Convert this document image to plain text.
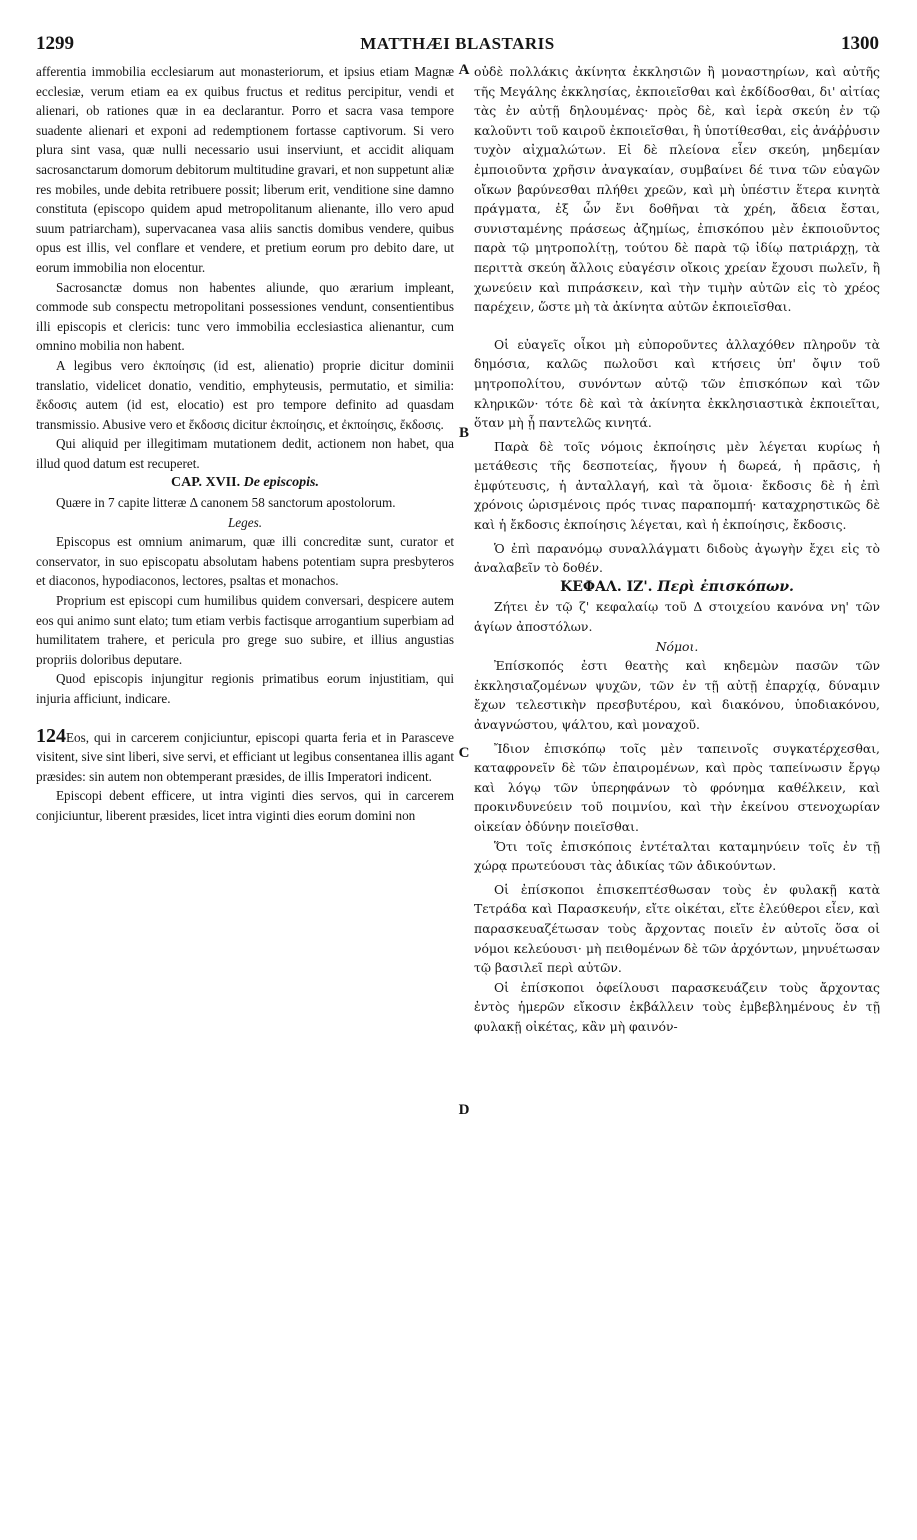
1299	MATTHÆI BLASTARIS	1300
A
B
C
D

afferentia immobilia ecclesiarum aut monasteriorum, et ipsius etiam Magnæ ecclesiæ, verum etiam ea ex quibus fructus et reditus percipitur, vendi et alienari, ob rationes quæ in ea declarantur. Porro et sacra vasa tempore suadente alienari et exponi ad redemptionem fortasse captivorum. Si vero plura sint vasa, quæ nulli necessario usui inserviunt, et accidit aliquam sacrosanctarum domorum debitorum multitudine gravari, et non suppetunt aliæ res mobiles, unde debita retribuere possit; liberum erit, venditione sine damno constituta (episcopo quidem apud metropolitanum alienante, illo vero apud suum patriarcham), supervacanea vasa aliis sanctis domibus vendere, quibus opus est illis, vel conflare et vendere, et pretium eorum pro debito dare, ut eorum immobilia non elocentur.

Sacrosanctæ domus non habentes aliunde, quo ærarium impleant, commode sub conspectu metropolitani possessiones vendunt, consentientibus illi episcopis et clericis: tunc vero immobilia ecclesiastica alienantur, cum omnino mobilia non habent.

A legibus vero ἐκποίησις (id est, alienatio) proprie dicitur dominii translatio, videlicet donatio, venditio, emphyteusis, permutatio, et similia: ἔκδοσις autem (id est, elocatio) est pro tempore definito ad quasdam transmissio. Abusive vero et ἔκδοσις dicitur ἐκποίησις, et ἐκποίησις, ἔκδοσις.

Qui aliquid per illegitimam mutationem dedit, actionem non habet, qua illud quod datum est recuperet.

CAP. XVII. De episcopis.

Quære in 7 capite litteræ Δ canonem 58 sanctorum apostolorum.

Leges.

Episcopus est omnium animarum, quæ illi concreditæ sunt, curator et conservator, in suo episcopatu absolutam habens potentiam supra presbyteros et diaconos, hypodiaconos, lectores, psaltas et monachos.

Proprium est episcopi cum humilibus quidem conversari, despicere autem eos qui animo sunt elato; tum etiam verbis factisque arrogantium superbiam ad humilitatem trahere, et pericula pro grege suo subire, et illius angustias propriis doloribus deputare.

Quod episcopis injungitur regionis primatibus eorum injustitiam, qui injuria afficiunt, indicare.

124Eos, qui in carcerem conjiciuntur, episcopi quarta feria et in Parasceve visitent, sive sint liberi, sive servi, et efficiant ut legibus consentanea illis agant præsides: sin autem non obtemperant præsides, de illis Imperatori indicent.

Episcopi debent efficere, ut intra viginti dies servos, qui in carcerem conjiciuntur, liberent præsides, licet intra viginti dies eorum domini non

οὐδὲ πολλάκις ἀκίνητα ἐκκλησιῶν ἢ μοναστηρίων, καὶ αὐτῆς τῆς Μεγάλης ἐκκλησίας, ἐκποιεῖσθαι καὶ ἐκδίδοσθαι, δι' αἰτίας τὰς ἐν αὐτῇ δηλουμένας· πρὸς δὲ, καὶ ἱερὰ σκεύη ἐν τῷ καλοῦντι τοῦ καιροῦ ἐκποιεῖσθαι, ἢ ὑποτίθεσθαι, εἰς ἀνάῤῥυσιν τυχὸν αἰχμαλώτων. Εἰ δὲ πλείονα εἶεν σκεύη, μηδεμίαν ἐμποιοῦντα χρῆσιν ἀναγκαίαν, συμβαίνει δέ τινα τῶν εὐαγῶν οἴκων βαρύνεσθαι πλήθει χρεῶν, καὶ μὴ ὑπέστιν ἕτερα κινητὰ πράγματα, ἐξ ὧν ἔνι δοθῆναι τὰ χρέη, ἄδεια ἔσται, συνισταμένης πράσεως ἀζημίως, ἐπισκόπου μὲν ἐκποιοῦντος παρὰ τῷ μητροπολίτῃ, τούτου δὲ παρὰ τῷ ἰδίῳ πατριάρχῃ, τὰ περιττὰ σκεύη ἄλλοις εὐαγέσιν οἴκοις χρείαν ἔχουσι πωλεῖν, ἢ χωνεύειν καὶ πιπράσκειν, καὶ τὴν τιμὴν αὐτῶν εἰς τὸ χρέος παρέχειν, ὥστε μὴ τὰ ἀκίνητα αὐτῶν ἐκποιεῖσθαι.

Οἱ εὐαγεῖς οἶκοι μὴ εὐποροῦντες ἀλλαχόθεν πληροῦν τὰ δημόσια, καλῶς πωλοῦσι καὶ κτήσεις ὑπ' ὄψιν τοῦ μητροπολίτου, συνόντων αὐτῷ τῶν ἐπισκόπων καὶ τῶν κληρικῶν· τότε δὲ καὶ τὰ ἀκίνητα ἐκκλησιαστικὰ ἐκποιεῖται, ὅταν μὴ ᾖ παντελῶς κινητά.

Παρὰ δὲ τοῖς νόμοις ἐκποίησις μὲν λέγεται κυρίως ἡ μετάθεσις τῆς δεσποτείας, ἤγουν ἡ δωρεά, ἡ πρᾶσις, ἡ ἐμφύτευσις, ἡ ἀνταλλαγή, καὶ τὰ ὅμοια· ἔκδοσις δὲ ἡ ἐπὶ χρόνοις ὡρισμένοις πρός τινας παραπομπή· καταχρηστικῶς δὲ καὶ ἡ ἔκδοσις ἐκποίησις λέγεται, καὶ ἡ ἐκποίησις, ἔκδοσις.

Ὁ ἐπὶ παρανόμῳ συναλλάγματι διδοὺς ἀγωγὴν ἔχει εἰς τὸ ἀναλαβεῖν τὸ δοθέν.

ΚΕΦΑΛ. ΙΖ'. Περὶ ἐπισκόπων.

Ζήτει ἐν τῷ ζ' κεφαλαίῳ τοῦ Δ στοιχείου κανόνα νη' τῶν ἁγίων ἀποστόλων.

Νόμοι.

Ἐπίσκοπός ἐστι θεατὴς καὶ κηδεμὼν πασῶν τῶν ἐκκλησιαζομένων ψυχῶν, τῶν ἐν τῇ αὐτῇ ἐπαρχίᾳ, δύναμιν ἔχων τελεστικὴν πρεσβυτέρου, καὶ διακόνου, ὑποδιακόνου, ἀναγνώστου, ψάλτου, καὶ μοναχοῦ.

Ἴδιον ἐπισκόπῳ τοῖς μὲν ταπεινοῖς συγκατέρχεσθαι, καταφρονεῖν δὲ τῶν ἐπαιρομένων, καὶ πρὸς ταπείνωσιν ἔργῳ καὶ λόγῳ τῶν ὑπερηφάνων τὸ φρόνημα καθέλκειν, καὶ προκινδυνεύειν τοῦ ποιμνίου, καὶ τὴν ἐκείνου στενοχωρίαν οἰκείαν ὀδύνην ποιεῖσθαι.

Ὅτι τοῖς ἐπισκόποις ἐντέταλται καταμηνύειν τοῖς ἐν τῇ χώρᾳ πρωτεύουσι τὰς ἀδικίας τῶν ἀδικούντων.

Οἱ ἐπίσκοποι ἐπισκεπτέσθωσαν τοὺς ἐν φυλακῇ κατὰ Τετράδα καὶ Παρασκευήν, εἴτε οἰκέται, εἴτε ἐλεύθεροι εἶεν, καὶ παρασκευαζέτωσαν τοὺς ἄρχοντας ποιεῖν ἐν αὐτοῖς ὅσα οἱ νόμοι κελεύουσι· μὴ πειθομένων δὲ τῶν ἀρχόντων, μηνυέτωσαν τῷ βασιλεῖ περὶ αὐτῶν.

Οἱ ἐπίσκοποι ὀφείλουσι παρασκευάζειν τοὺς ἄρχοντας ἐντὸς ἡμερῶν εἴκοσιν ἐκβάλλειν τοὺς ἐμβεβλημένους ἐν τῇ φυλακῇ οἰκέτας, κἂν μὴ φαινόν-
